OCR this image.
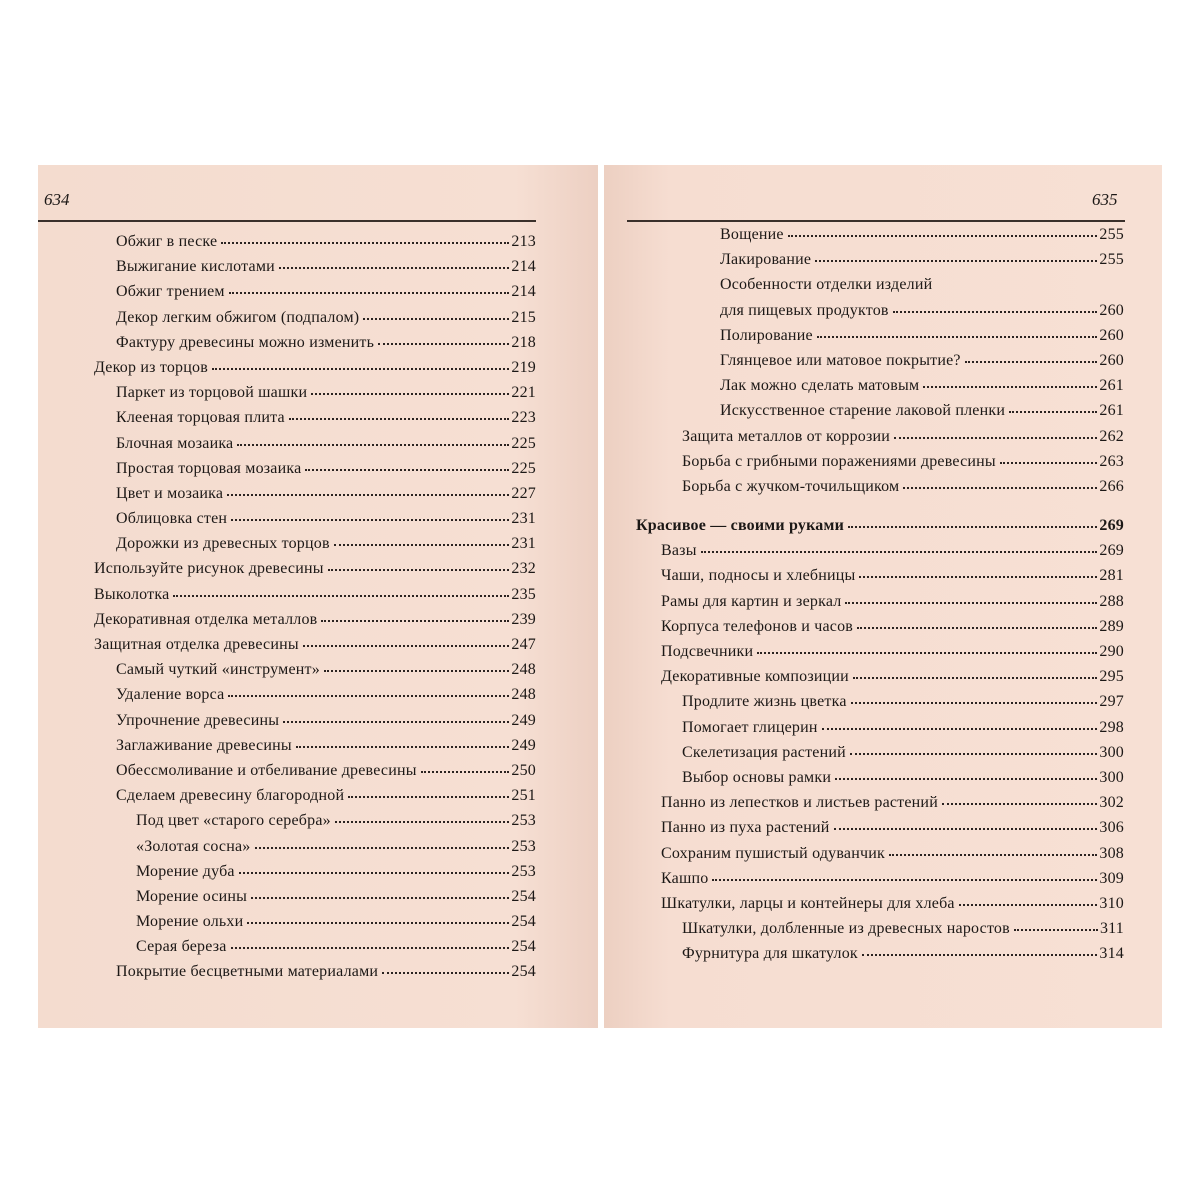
634	635
Обжиг в песке	213
Выжигание кислотами	214
Обжиг трением	214
Декор легким обжигом (подпалом)	215
Фактуру древесины можно изменить	218
Декор из торцов	219
Паркет из торцовой шашки	221
Клееная торцовая плита	223
Блочная мозаика	225
Простая торцовая мозаика	225
Цвет и мозаика	227
Облицовка стен	231
Дорожки из древесных торцов	231
Используйте рисунок древесины	232
Выколотка	235
Декоративная отделка металлов	239
Защитная отделка древесины	247
Самый чуткий «инструмент»	248
Удаление ворса	248
Упрочнение древесины	249
Заглаживание древесины	249
Обессмоливание и отбеливание древесины	250
Сделаем древесину благородной	251
Под цвет «старого серебра»	253
«Золотая сосна»	253
Морение дуба	253
Морение осины	254
Морение ольхи	254
Серая береза	254
Покрытие бесцветными материалами	254
Вощение	255
Лакирование	255
Особенности отделки изделий
для пищевых продуктов	260
Полирование	260
Глянцевое или матовое покрытие?	260
Лак можно сделать матовым	261
Искусственное старение лаковой пленки	261
Защита металлов от коррозии	262
Борьба с грибными поражениями древесины	263
Борьба с жучком-точильщиком	266
Красивое — своими руками	269
Вазы	269
Чаши, подносы и хлебницы	281
Рамы для картин и зеркал	288
Корпуса телефонов и часов	289
Подсвечники	290
Декоративные композиции	295
Продлите жизнь цветка	297
Помогает глицерин	298
Скелетизация растений	300
Выбор основы рамки	300
Панно из лепестков и листьев растений	302
Панно из пуха растений	306
Сохраним пушистый одуванчик	308
Кашпо	309
Шкатулки, ларцы и контейнеры для хлеба	310
Шкатулки, долбленные из древесных наростов	311
Фурнитура для шкатулок	314
